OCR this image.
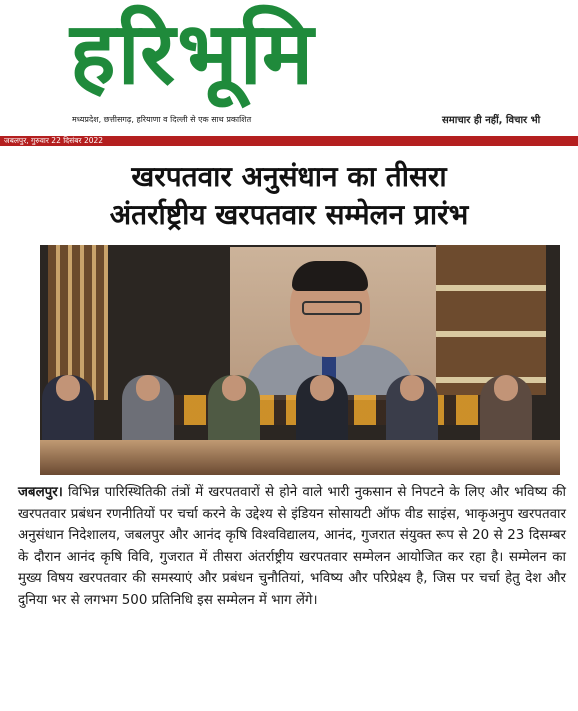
हरिभूमि
मध्यप्रदेश, छत्तीसगढ़, हरियाणा व दिल्ली से एक साथ प्रकाशित	समाचार ही नहीं, विचार भी
जबलपुर, गुरुवार 22 दिसंबर 2022
खरपतवार अनुसंधान का तीसरा
अंतर्राष्ट्रीय खरपतवार सम्मेलन प्रारंभ
जबलपुर। विभिन्न पारिस्थितिकी तंत्रों में खरपतवारों से होने वाले भारी नुकसान से निपटने के लिए और भविष्य की खरपतवार प्रबंधन रणनीतियों पर चर्चा करने के उद्देश्य से इंडियन सोसायटी ऑफ वीड साइंस, भाकृअनुप खरपतवार अनुसंधान निदेशालय, जबलपुर और आनंद कृषि विश्वविद्यालय, आनंद, गुजरात संयुक्त रूप से 20 से 23 दिसम्बर के दौरान आनंद कृषि विवि, गुजरात में तीसरा अंतर्राष्ट्रीय खरपतवार सम्मेलन आयोजित कर रहा है। सम्मेलन का मुख्य विषय खरपतवार की समस्याएं और प्रबंधन चुनौतियां, भविष्य और परिप्रेक्ष्य है, जिस पर चर्चा हेतु देश और दुनिया भर से लगभग 500 प्रतिनिधि इस सम्मेलन में भाग लेंगे।
